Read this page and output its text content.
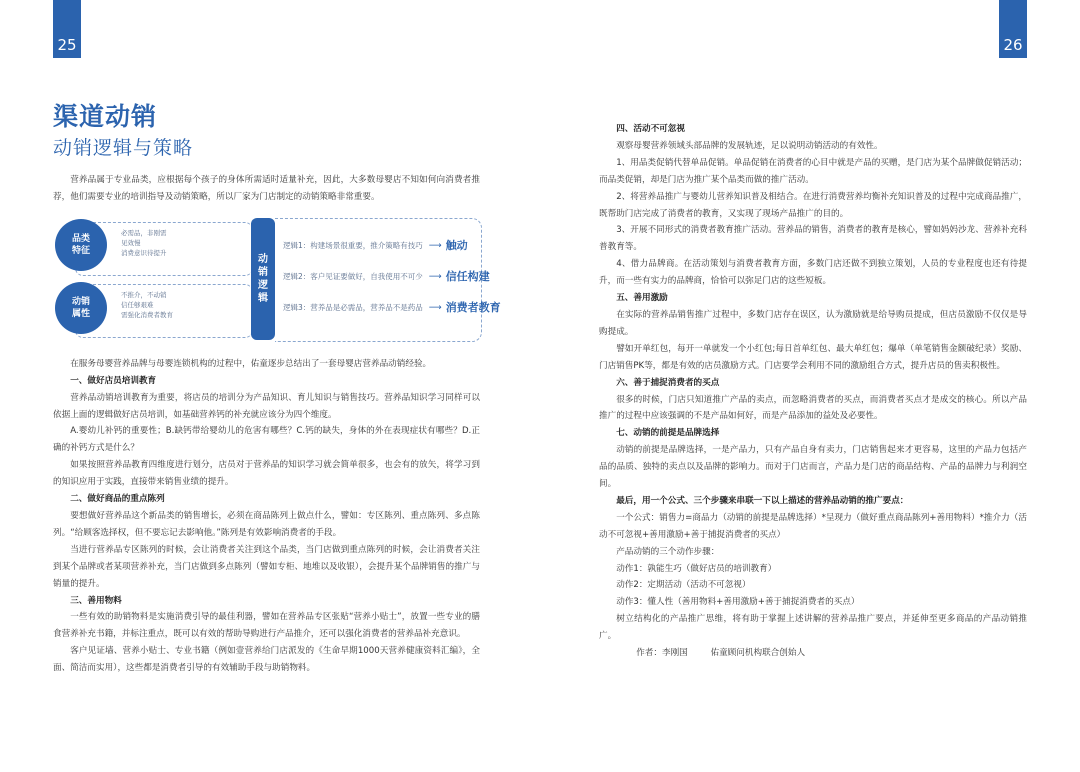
25	26
渠道动销
动销逻辑与策略

营养品属于专业品类，应根据每个孩子的身体所需适时适量补充，因此，大多数母婴店不知如何向消费者推荐，他们需要专业的培训指导及动销策略，所以厂家为门店制定的动销策略非常重要。

品类
特征
动销
属性
必需品，非刚需
见效慢
消费意识待提升
不推介，不动销
信任够艰难
需强化消费者教育
动
销
逻
辑
逻辑1：构建场景很重要，推介策略有技巧 ⟶ 触动
逻辑2：客户见证要做好，自我使用不可少 ⟶ 信任构建
逻辑3：营养品是必需品，营养品不是药品 ⟶ 消费者教育

在服务母婴营养品牌与母婴连锁机构的过程中，佑童逐步总结出了一套母婴店营养品动销经验。

一、做好店员培训教育

营养品动销培训教育为重要，将店员的培训分为产品知识、育儿知识与销售技巧。营养品知识学习同样可以依据上面的逻辑做好店员培训，如基础营养钙的补充就应该分为四个维度。

A.婴幼儿补钙的重要性；B.缺钙带给婴幼儿的危害有哪些？C.钙的缺失，身体的外在表现症状有哪些？D.正确的补钙方式是什么？

如果按照营养品教育四维度进行划分，店员对于营养品的知识学习就会简单很多，也会有的放矢，将学习到的知识应用于实践，直接带来销售业绩的提升。

二、做好商品的重点陈列

要想做好营养品这个新品类的销售增长，必须在商品陈列上做点什么，譬如：专区陈列、重点陈列、多点陈列。“给顾客选择权，但不要忘记去影响他。”陈列是有效影响消费者的手段。

当进行营养品专区陈列的时候，会让消费者关注到这个品类，当门店做到重点陈列的时候，会让消费者关注到某个品牌或者某项营养补充，当门店做到多点陈列（譬如专柜、地堆以及收银），会提升某个品牌销售的推广与销量的提升。

三、善用物料

一些有效的助销物料是实施消费引导的最佳利器，譬如在营养品专区张贴“营养小贴士”，放置一些专业的膳食营养补充书籍，并标注重点，既可以有效的帮助导购进行产品推介，还可以强化消费者的营养品补充意识。

客户见证墙、营养小贴士、专业书籍（例如壹营养给门店派发的《生命早期1000天营养健康资料汇编》，全面、简洁而实用），这些都是消费者引导的有效辅助手段与助销物料。

四、活动不可忽视

观察母婴营养领域头部品牌的发展轨迹，足以说明动销活动的有效性。

1、用品类促销代替单品促销。单品促销在消费者的心目中就是产品的买赠，是门店为某个品牌做促销活动；而品类促销，却是门店为推广某个品类而做的推广活动。

2、将营养品推广与婴幼儿营养知识普及相结合。在进行消费营养均衡补充知识普及的过程中完成商品推广，既帮助门店完成了消费者的教育，又实现了现场产品推广的目的。

3、开展不同形式的消费者教育推广活动。营养品的销售，消费者的教育是核心，譬如妈妈沙龙、营养补充科普教育等。

4、借力品牌商。在活动策划与消费者教育方面，多数门店还做不到独立策划，人员的专业程度也还有待提升，而一些有实力的品牌商，恰恰可以弥足门店的这些短板。

五、善用激励

在实际的营养品销售推广过程中，多数门店存在误区，认为激励就是给导购员提成，但店员激励不仅仅是导购提成。

譬如开单红包，每开一单就发一个小红包;每日首单红包、最大单红包；爆单（单笔销售金额破纪录）奖励、门店销售PK等，都是有效的店员激励方式。门店要学会利用不同的激励组合方式，提升店员的售卖积极性。

六、善于捕捉消费者的买点

很多的时候，门店只知道推广产品的卖点，而忽略消费者的买点，而消费者买点才是成交的核心。所以产品推广的过程中应该强调的不是产品如何好，而是产品添加的益处及必要性。

七、动销的前提是品牌选择

动销的前提是品牌选择，一是产品力，只有产品自身有卖力，门店销售起来才更容易，这里的产品力包括产品的品质、独特的卖点以及品牌的影响力。而对于门店而言，产品力是门店的商品结构、产品的品牌力与利润空间。

最后，用一个公式、三个步骤来串联一下以上描述的营养品动销的推广要点：

一个公式：销售力=商品力（动销的前提是品牌选择）*呈现力（做好重点商品陈列+善用物料）*推介力（活动不可忽视+善用激励+善于捕捉消费者的买点）

产品动销的三个动作步骤：

动作1：孰能生巧（做好店员的培训教育）

动作2：定期活动（活动不可忽视）

动作3：懂人性（善用物料+善用激励+善于捕捉消费者的买点）

树立结构化的产品推广思维，将有助于掌握上述讲解的营养品推广要点，并延伸至更多商品的产品动销推广。

作者：李刚国	佑童顾问机构联合创始人
